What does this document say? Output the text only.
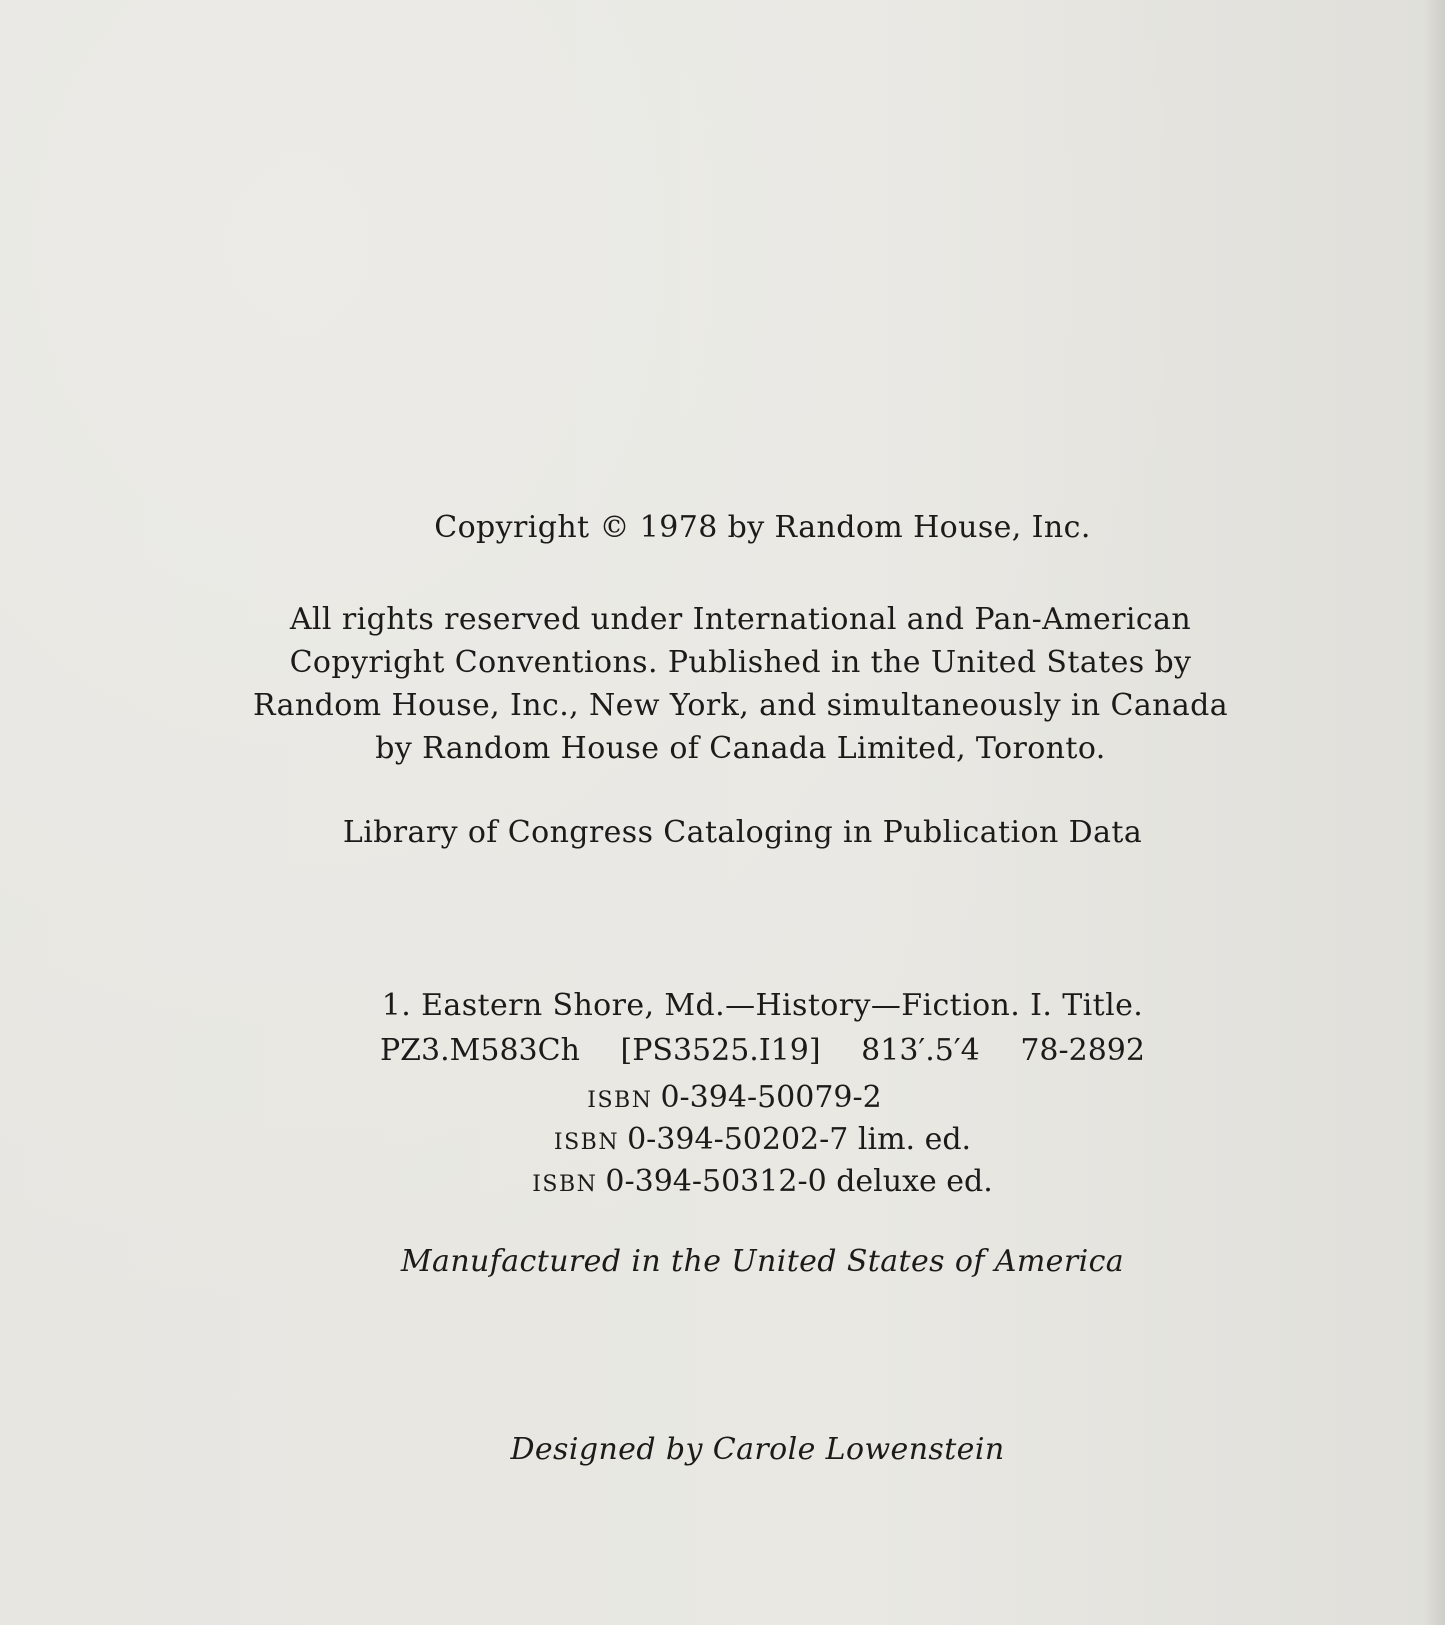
Copyright © 1978 by Random House, Inc.
All rights reserved under International and Pan-American
Copyright Conventions. Published in the United States by
Random House, Inc., New York, and simultaneously in Canada
by Random House of Canada Limited, Toronto.
Library of Congress Cataloging in Publication Data
1. Eastern Shore, Md.—History—Fiction. I. Title.
PZ3.M583Ch [PS3525.I19] 813′.5′4 78-2892
ISBN 0-394-50079-2
ISBN 0-394-50202-7 lim. ed.
ISBN 0-394-50312-0 deluxe ed.
Manufactured in the United States of America
Designed by Carole Lowenstein
